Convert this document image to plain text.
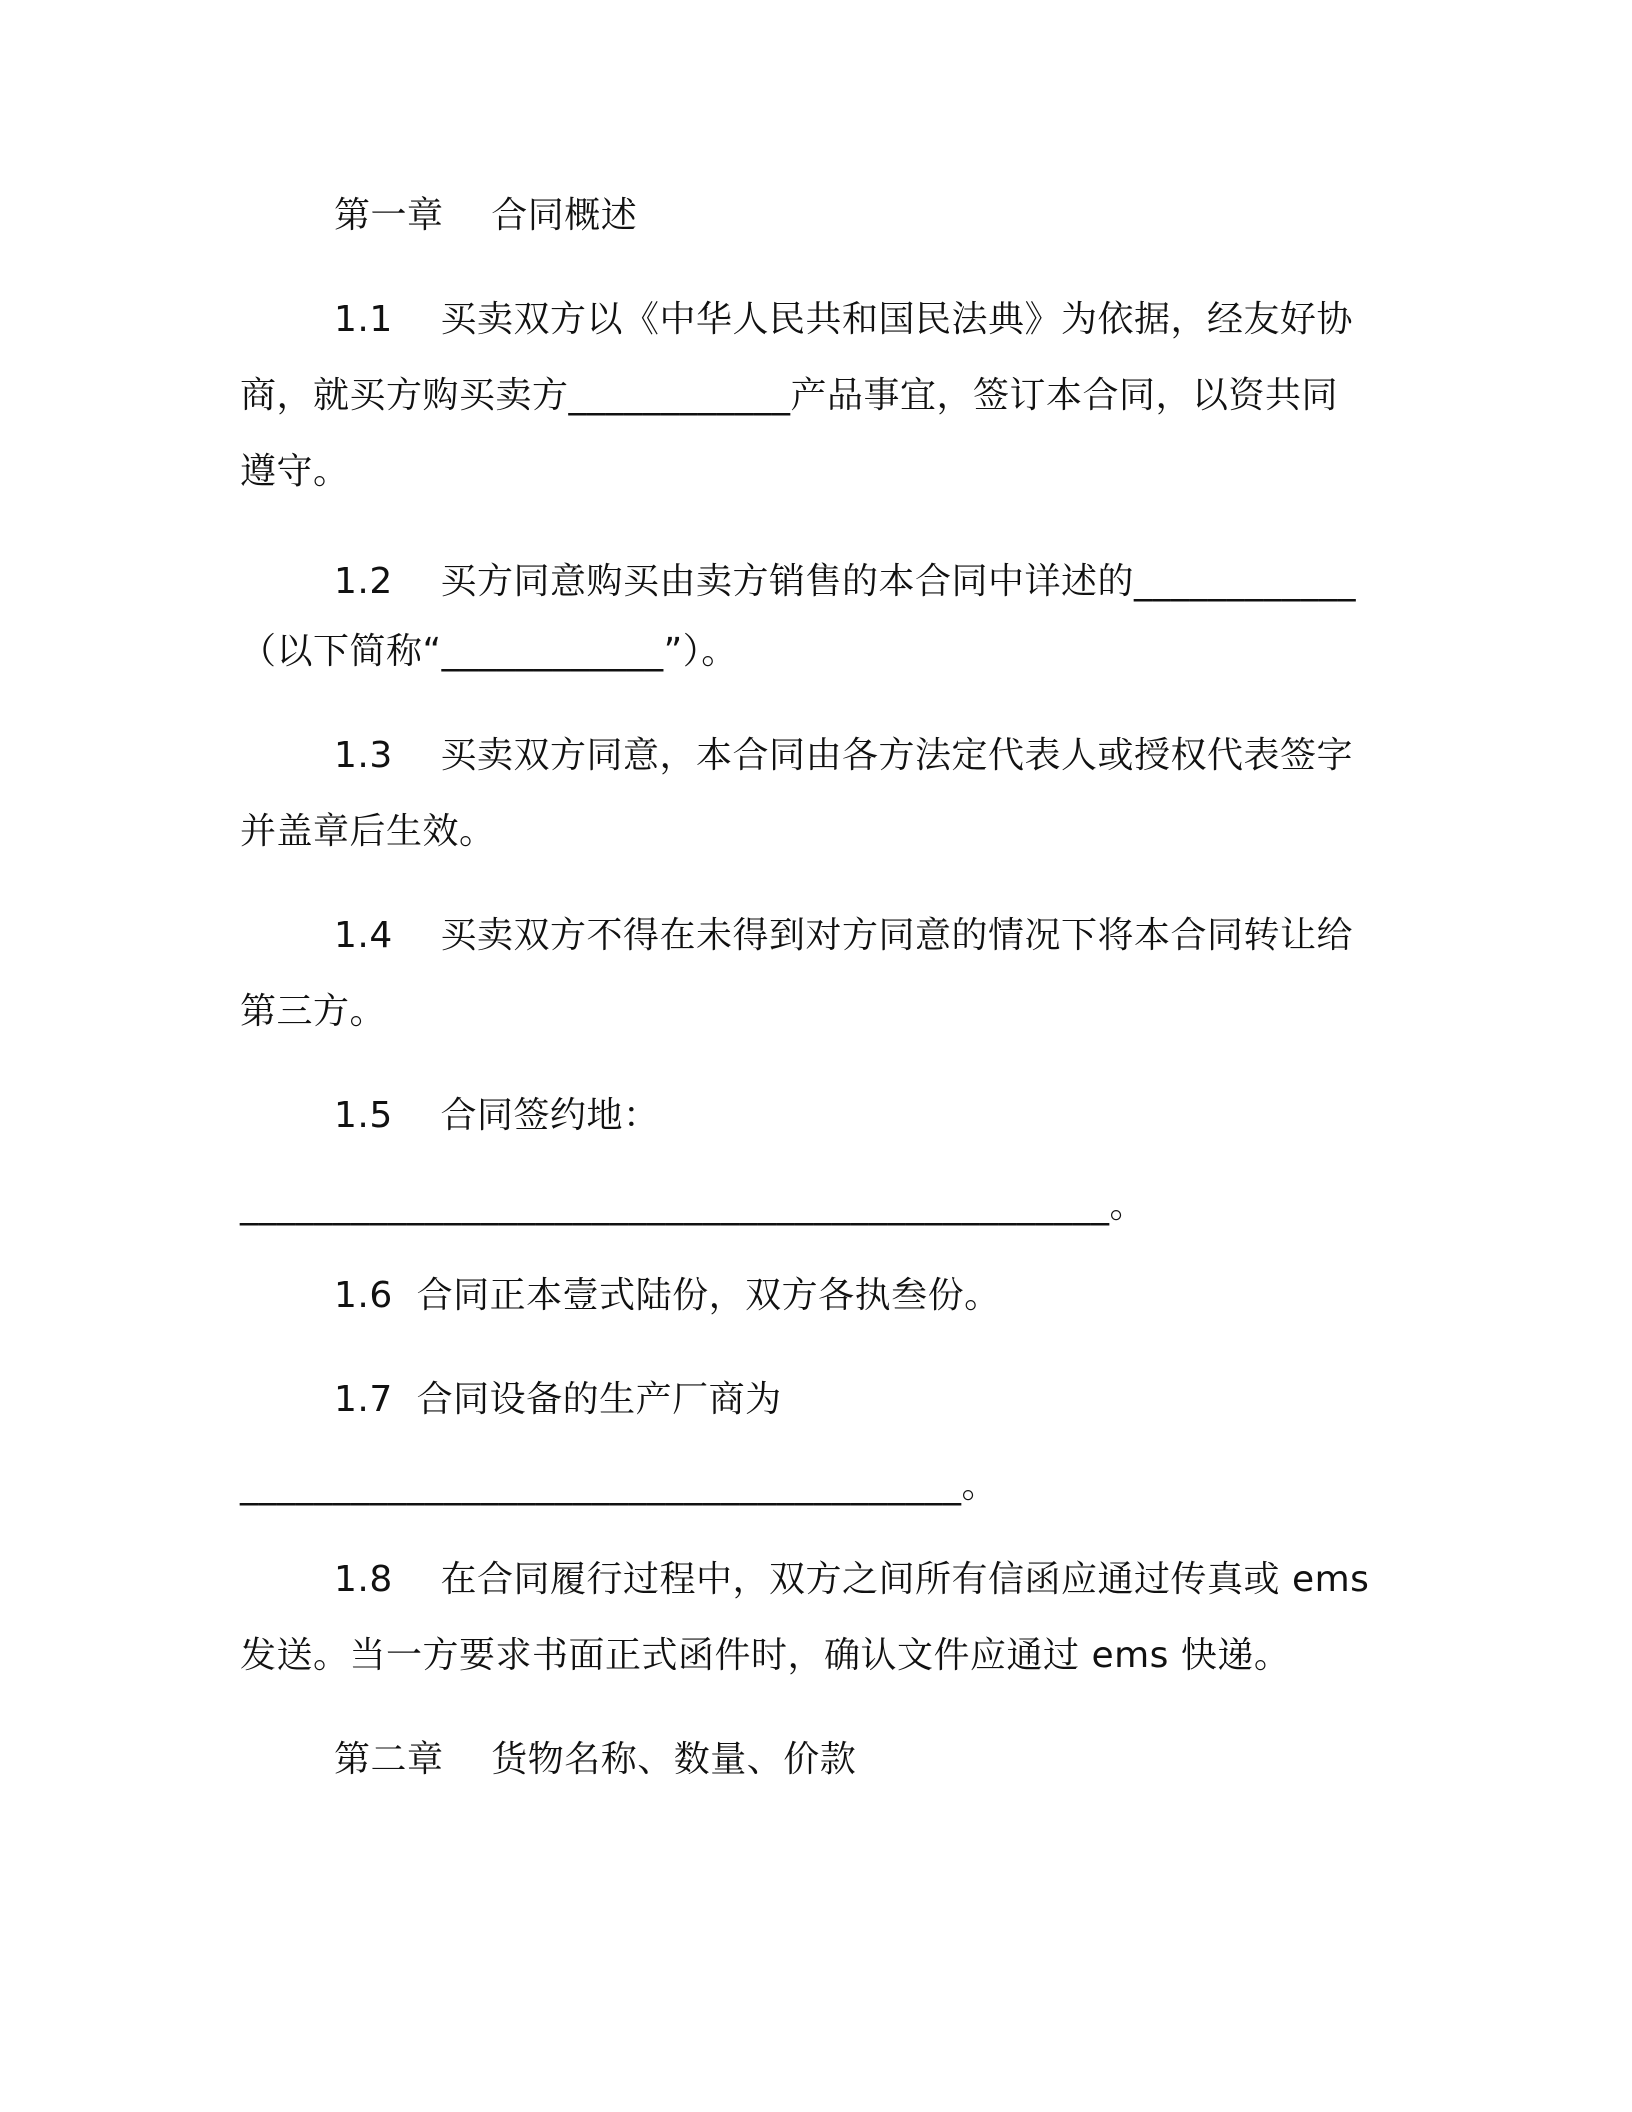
第一章    合同概述
1.1    买卖双方以《中华人民共和国民法典》为依据，经友好协
商，就买方购买卖方____________产品事宜，签订本合同，以资共同
遵守。
1.2    买方同意购买由卖方销售的本合同中详述的____________
（以下简称“____________”）。
1.3    买卖双方同意，本合同由各方法定代表人或授权代表签字
并盖章后生效。
1.4    买卖双方不得在未得到对方同意的情况下将本合同转让给
第三方。
1.5    合同签约地：
_______________________________________________。
1.6  合同正本壹式陆份，双方各执叁份。
1.7  合同设备的生产厂商为
_______________________________________。
1.8    在合同履行过程中，双方之间所有信函应通过传真或 ems
发送。当一方要求书面正式函件时，确认文件应通过 ems 快递。
第二章    货物名称、数量、价款
